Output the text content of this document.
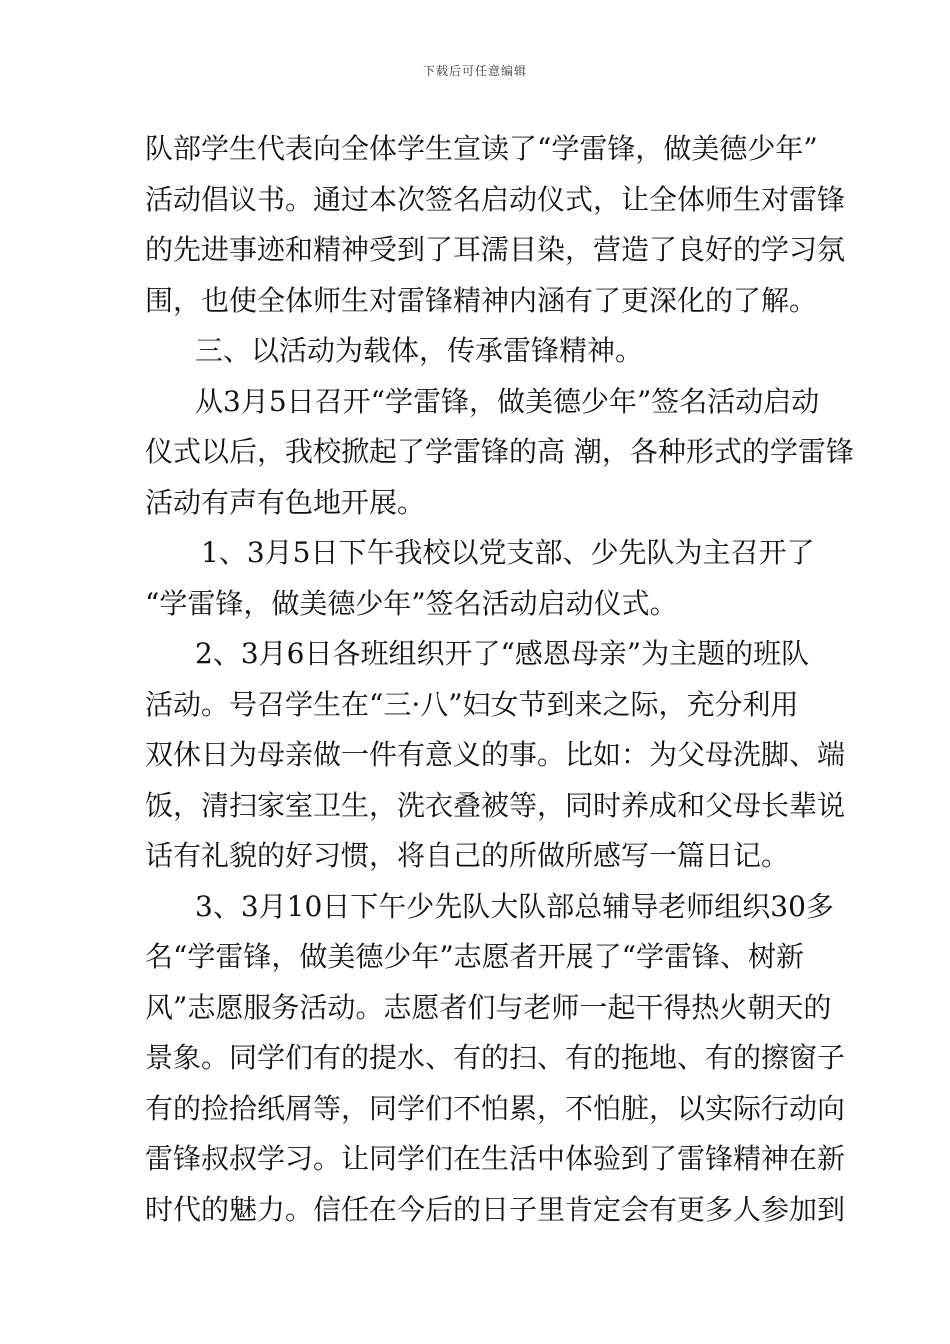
下载后可任意编辑
队部学生代表向全体学生宣读了“学雷锋，做美德少年”
活动倡议书。通过本次签名启动仪式，让全体师生对雷锋
的先进事迹和精神受到了耳濡目染，营造了良好的学习氛
围，也使全体师生对雷锋精神内涵有了更深化的了解。
三、以活动为载体，传承雷锋精神。
从3月5日召开“学雷锋，做美德少年”签名活动启动
仪式以后，我校掀起了学雷锋的高 潮，各种形式的学雷锋
活动有声有色地开展。
1、3月5日下午我校以党支部、少先队为主召开了
“学雷锋，做美德少年”签名活动启动仪式。
2、3月6日各班组织开了“感恩母亲”为主题的班队
活动。号召学生在“三·八”妇女节到来之际，充分利用
双休日为母亲做一件有意义的事。比如：为父母洗脚、端
饭，清扫家室卫生，洗衣叠被等，同时养成和父母长辈说
话有礼貌的好习惯，将自己的所做所感写一篇日记。
3、3月10日下午少先队大队部总辅导老师组织30多
名“学雷锋，做美德少年”志愿者开展了“学雷锋、树新
风”志愿服务活动。志愿者们与老师一起干得热火朝天的
景象。同学们有的提水、有的扫、有的拖地、有的擦窗子
有的捡拾纸屑等，同学们不怕累，不怕脏，以实际行动向
雷锋叔叔学习。让同学们在生活中体验到了雷锋精神在新
时代的魅力。信任在今后的日子里肯定会有更多人参加到
